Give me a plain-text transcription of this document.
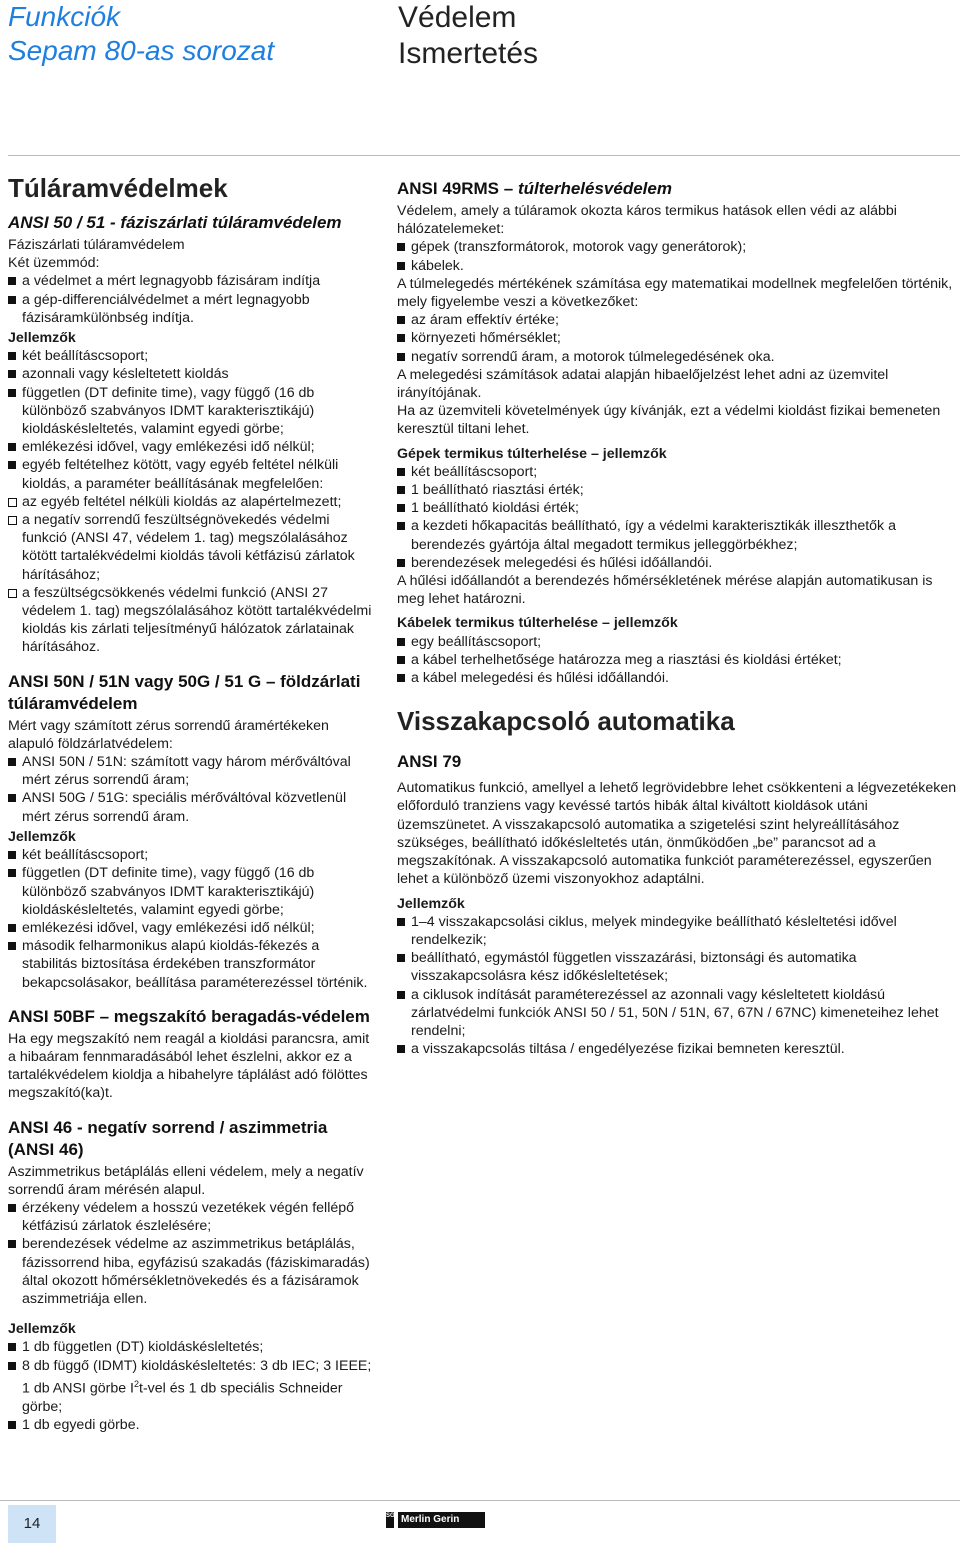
Funkciók
Sepam 80-as sorozat
Védelem
Ismertetés
Túláramvédelmek
ANSI 50 / 51 - fáziszárlati túláramvédelem

Fáziszárlati túláramvédelem

Két üzemmód:

a védelmet a mért legnagyobb fázisáram indítja

a gép-differenciálvédelmet a mért legnagyobb fázisáramkülönbség indítja.

Jellemzők

két beállításcsoport;

azonnali vagy késleltetett kioldás

független (DT definite time), vagy függő (16 db különböző szabványos IDMT karakterisztikájú) kioldáskésleltetés, valamint egyedi görbe;

emlékezési idővel, vagy emlékezési idő nélkül;

egyéb feltételhez kötött, vagy egyéb feltétel nélküli kioldás, a paraméter beállításának megfelelően:

az egyéb feltétel nélküli kioldás az alapértelmezett;

a negatív sorrendű feszültségnövekedés védelmi funkció (ANSI 47, védelem 1. tag) megszólalásához kötött tartalékvédelmi kioldás távoli kétfázisú zárlatok hárításához;

a feszültségcsökkenés védelmi funkció (ANSI 27 védelem 1. tag) megszólalásához kötött tartalékvédelmi kioldás kis zárlati teljesítményű hálózatok zárlatainak hárításához.

ANSI 50N / 51N vagy 50G / 51 G – földzárlati túláramvédelem

Mért vagy számított zérus sorrendű áramértékeken alapuló földzárlatvédelem:

ANSI 50N / 51N: számított vagy három mérőváltóval mért zérus sorrendű áram;

ANSI 50G / 51G: speciális mérőváltóval közvetlenül mért zérus sorrendű áram.

Jellemzők

két beállításcsoport;

független (DT definite time), vagy függő (16 db különböző szabványos IDMT karakterisztikájú) kioldáskésleltetés, valamint egyedi görbe;

emlékezési idővel, vagy emlékezési idő nélkül;

második felharmonikus alapú kioldás-fékezés a stabilitás biztosítása érdekében transzformátor bekapcsolásakor, beállítása paraméterezéssel történik.

ANSI 50BF – megszakító beragadás-védelem

Ha egy megszakító nem reagál a kioldási parancsra, amit a hibaáram fennmaradásából lehet észlelni, akkor ez a tartalékvédelem kioldja a hibahelyre táplálást adó fölöttes megszakító(ka)t.

ANSI 46 - negatív sorrend / aszimmetria (ANSI 46)

Aszimmetrikus betáplálás elleni védelem, mely a negatív sorrendű áram mérésén alapul.

érzékeny védelem a hosszú vezetékek végén fellépő kétfázisú zárlatok észlelésére;

berendezések védelme az aszimmetrikus betáplálás, fázissorrend hiba, egyfázisú szakadás (fáziskimaradás) által okozott hőmérsékletnövekedés és a fázisáramok aszimmetriája ellen.

Jellemzők

1 db független (DT) kioldáskésleltetés;

8 db függő (IDMT) kioldáskésleltetés: 3 db IEC; 3 IEEE; 1 db ANSI görbe $I^2t$-vel és 1 db speciális Schneider görbe;

1 db egyedi görbe.

ANSI 49RMS – túlterhelésvédelem

Védelem, amely a túláramok okozta káros termikus hatások ellen védi az alábbi hálózatelemeket:

gépek (transzformátorok, motorok vagy generátorok);

kábelek.

A túlmelegedés mértékének számítása egy matematikai modellnek megfelelően történik, mely figyelembe veszi a következőket:

az áram effektív értéke;

környezeti hőmérséklet;

negatív sorrendű áram, a motorok túlmelegedésének oka.

A melegedési számítások adatai alapján hibaelőjelzést lehet adni az üzemvitel irányítójának.

Ha az üzemviteli követelmények úgy kívánják, ezt a védelmi kioldást fizikai bemeneten keresztül tiltani lehet.

Gépek termikus túlterhelése – jellemzők

két beállításcsoport;

1 beállítható riasztási érték;

1 beállítható kioldási érték;

a kezdeti hőkapacitás beállítható, így a védelmi karakterisztikák illeszthetők a berendezés gyártója által megadott termikus jelleggörbékhez;

berendezések melegedési és hűlési időállandói.

A hűlési időállandót a berendezés hőmérsékletének mérése alapján automatikusan is meg lehet határozni.

Kábelek termikus túlterhelése – jellemzők

egy beállításcsoport;

a kábel terhelhetősége határozza meg a riasztási és kioldási értéket;

a kábel melegedési és hűlési időállandói.

Visszakapcsoló automatika
ANSI 79

Automatikus funkció, amellyel a lehető legrövidebbre lehet csökkenteni a légvezetékeken előforduló tranziens vagy kevéssé tartós hibák által kiváltott kioldások utáni üzemszünetet. A visszakapcsoló automatika a szigetelési szint helyreállításához szükséges, beállítható időkésleltetés után, önműködően „be” parancsot ad a megszakítónak. A visszakapcsoló automatika funkciót paraméterezéssel, egyszerűen lehet a különböző üzemi viszonyokhoz adaptálni.

Jellemzők

1–4 visszakapcsolási ciklus, melyek mindegyike beállítható késleltetési idővel rendelkezik;

beállítható, egymástól független visszazárási, biztonsági és automatika visszakapcsolásra kész időkésleltetések;

a ciklusok indítását paraméterezéssel az azonnali vagy késleltetett kioldású zárlatvédelmi funkciók ANSI 50 / 51, 50N / 51N, 67, 67N / 67NC) kimeneteihez lehet rendelni;

a visszakapcsolás tiltása / engedélyezése fizikai bemneten keresztül.

14	SG Merlin Gerin
